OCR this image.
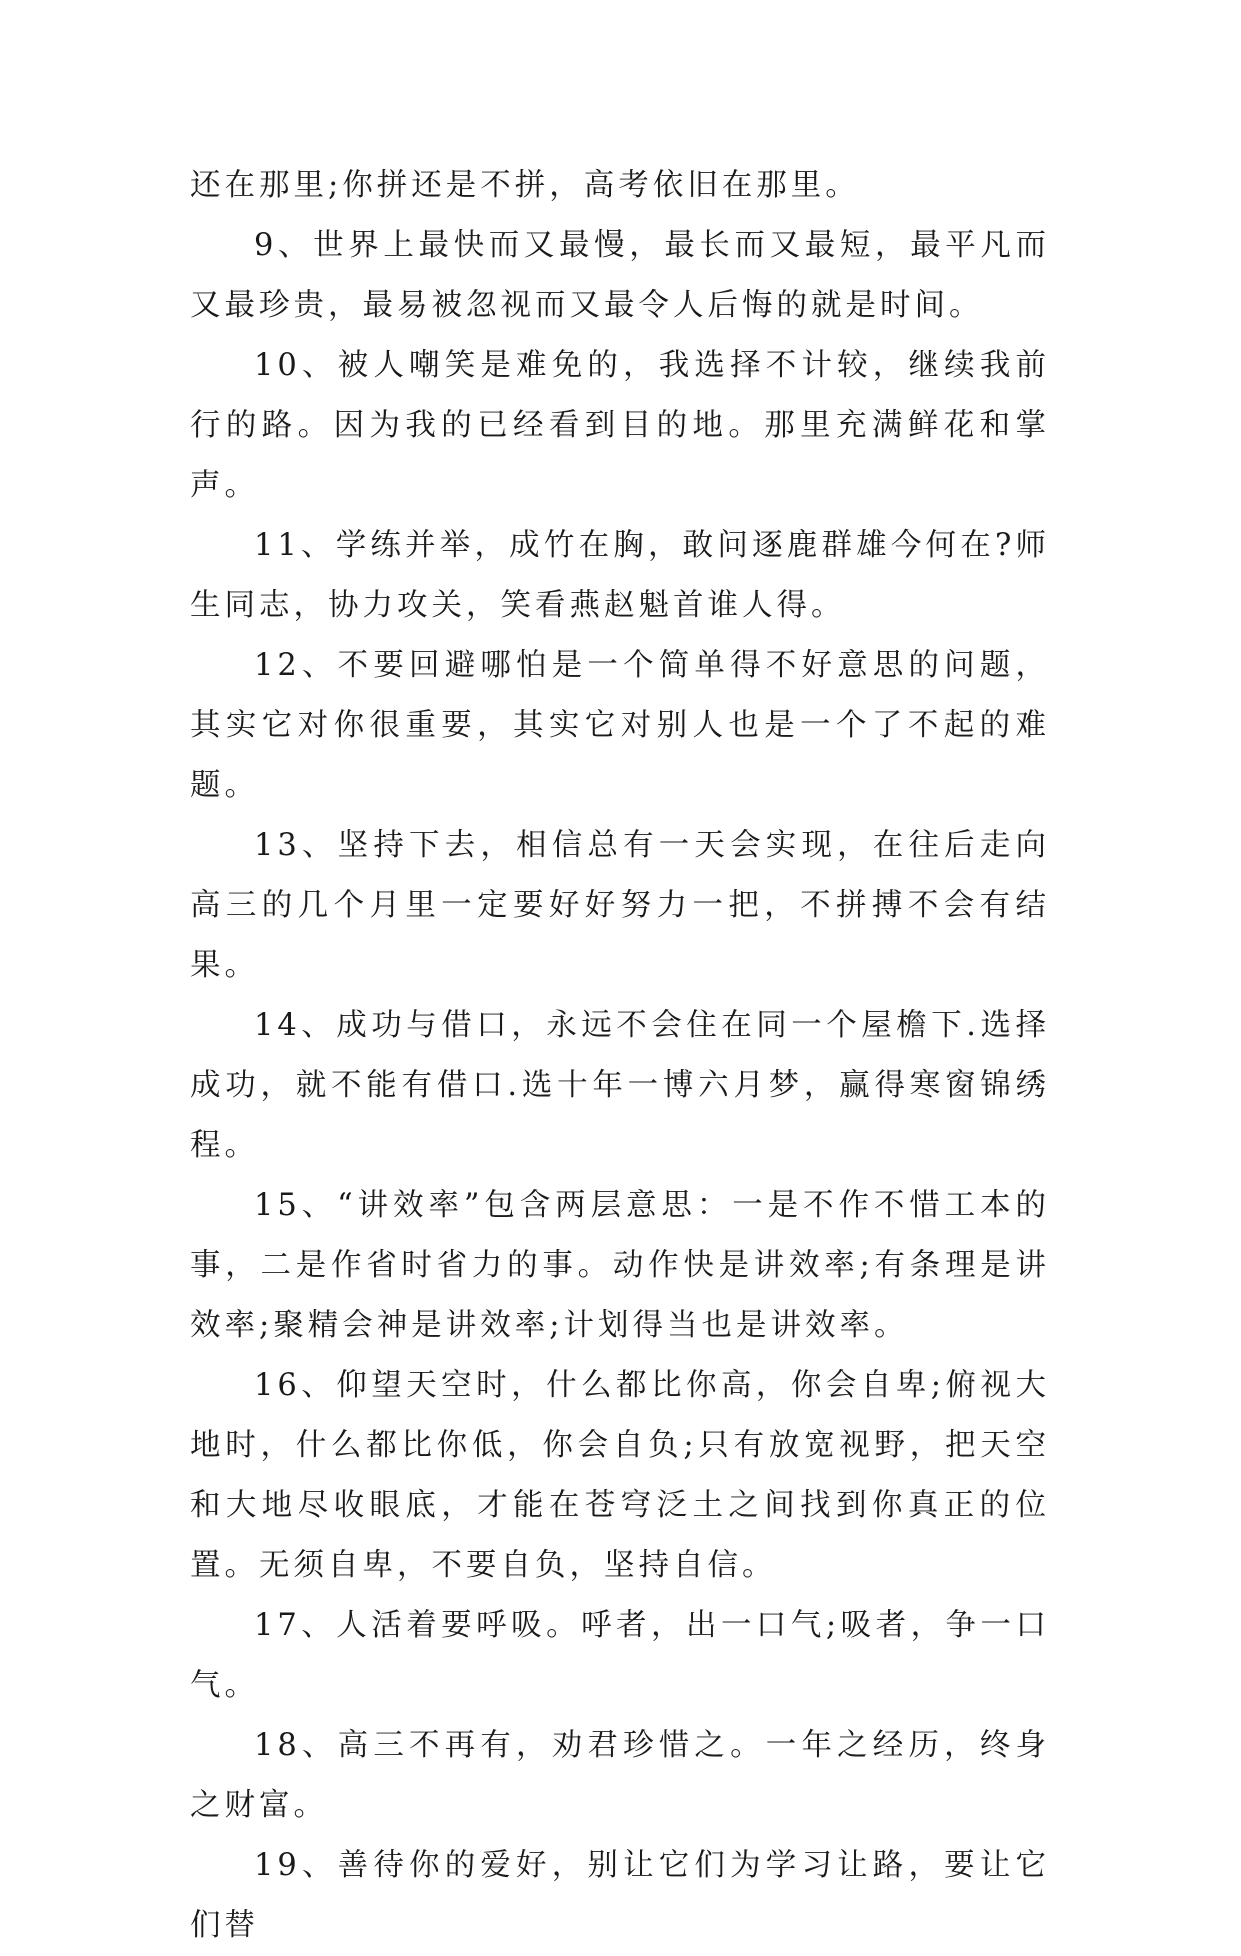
还在那里;你拼还是不拼，高考依旧在那里。

9、世界上最快而又最慢，最长而又最短，最平凡而又最珍贵，最易被忽视而又最令人后悔的就是时间。

10、被人嘲笑是难免的，我选择不计较，继续我前行的路。因为我的已经看到目的地。那里充满鲜花和掌声。

11、学练并举，成竹在胸，敢问逐鹿群雄今何在?师生同志，协力攻关，笑看燕赵魁首谁人得。

12、不要回避哪怕是一个简单得不好意思的问题，其实它对你很重要，其实它对别人也是一个了不起的难题。

13、坚持下去，相信总有一天会实现，在往后走向高三的几个月里一定要好好努力一把，不拼搏不会有结果。

14、成功与借口，永远不会住在同一个屋檐下.选择成功，就不能有借口.选十年一博六月梦，赢得寒窗锦绣程。

15、“讲效率”包含两层意思：一是不作不惜工本的事，二是作省时省力的事。动作快是讲效率;有条理是讲效率;聚精会神是讲效率;计划得当也是讲效率。

16、仰望天空时，什么都比你高，你会自卑;俯视大地时，什么都比你低，你会自负;只有放宽视野，把天空和大地尽收眼底，才能在苍穹泛土之间找到你真正的位置。无须自卑，不要自负，坚持自信。

17、人活着要呼吸。呼者，出一口气;吸者，争一口气。

18、高三不再有，劝君珍惜之。一年之经历，终身之财富。

19、善待你的爱好，别让它们为学习让路，要让它们替
